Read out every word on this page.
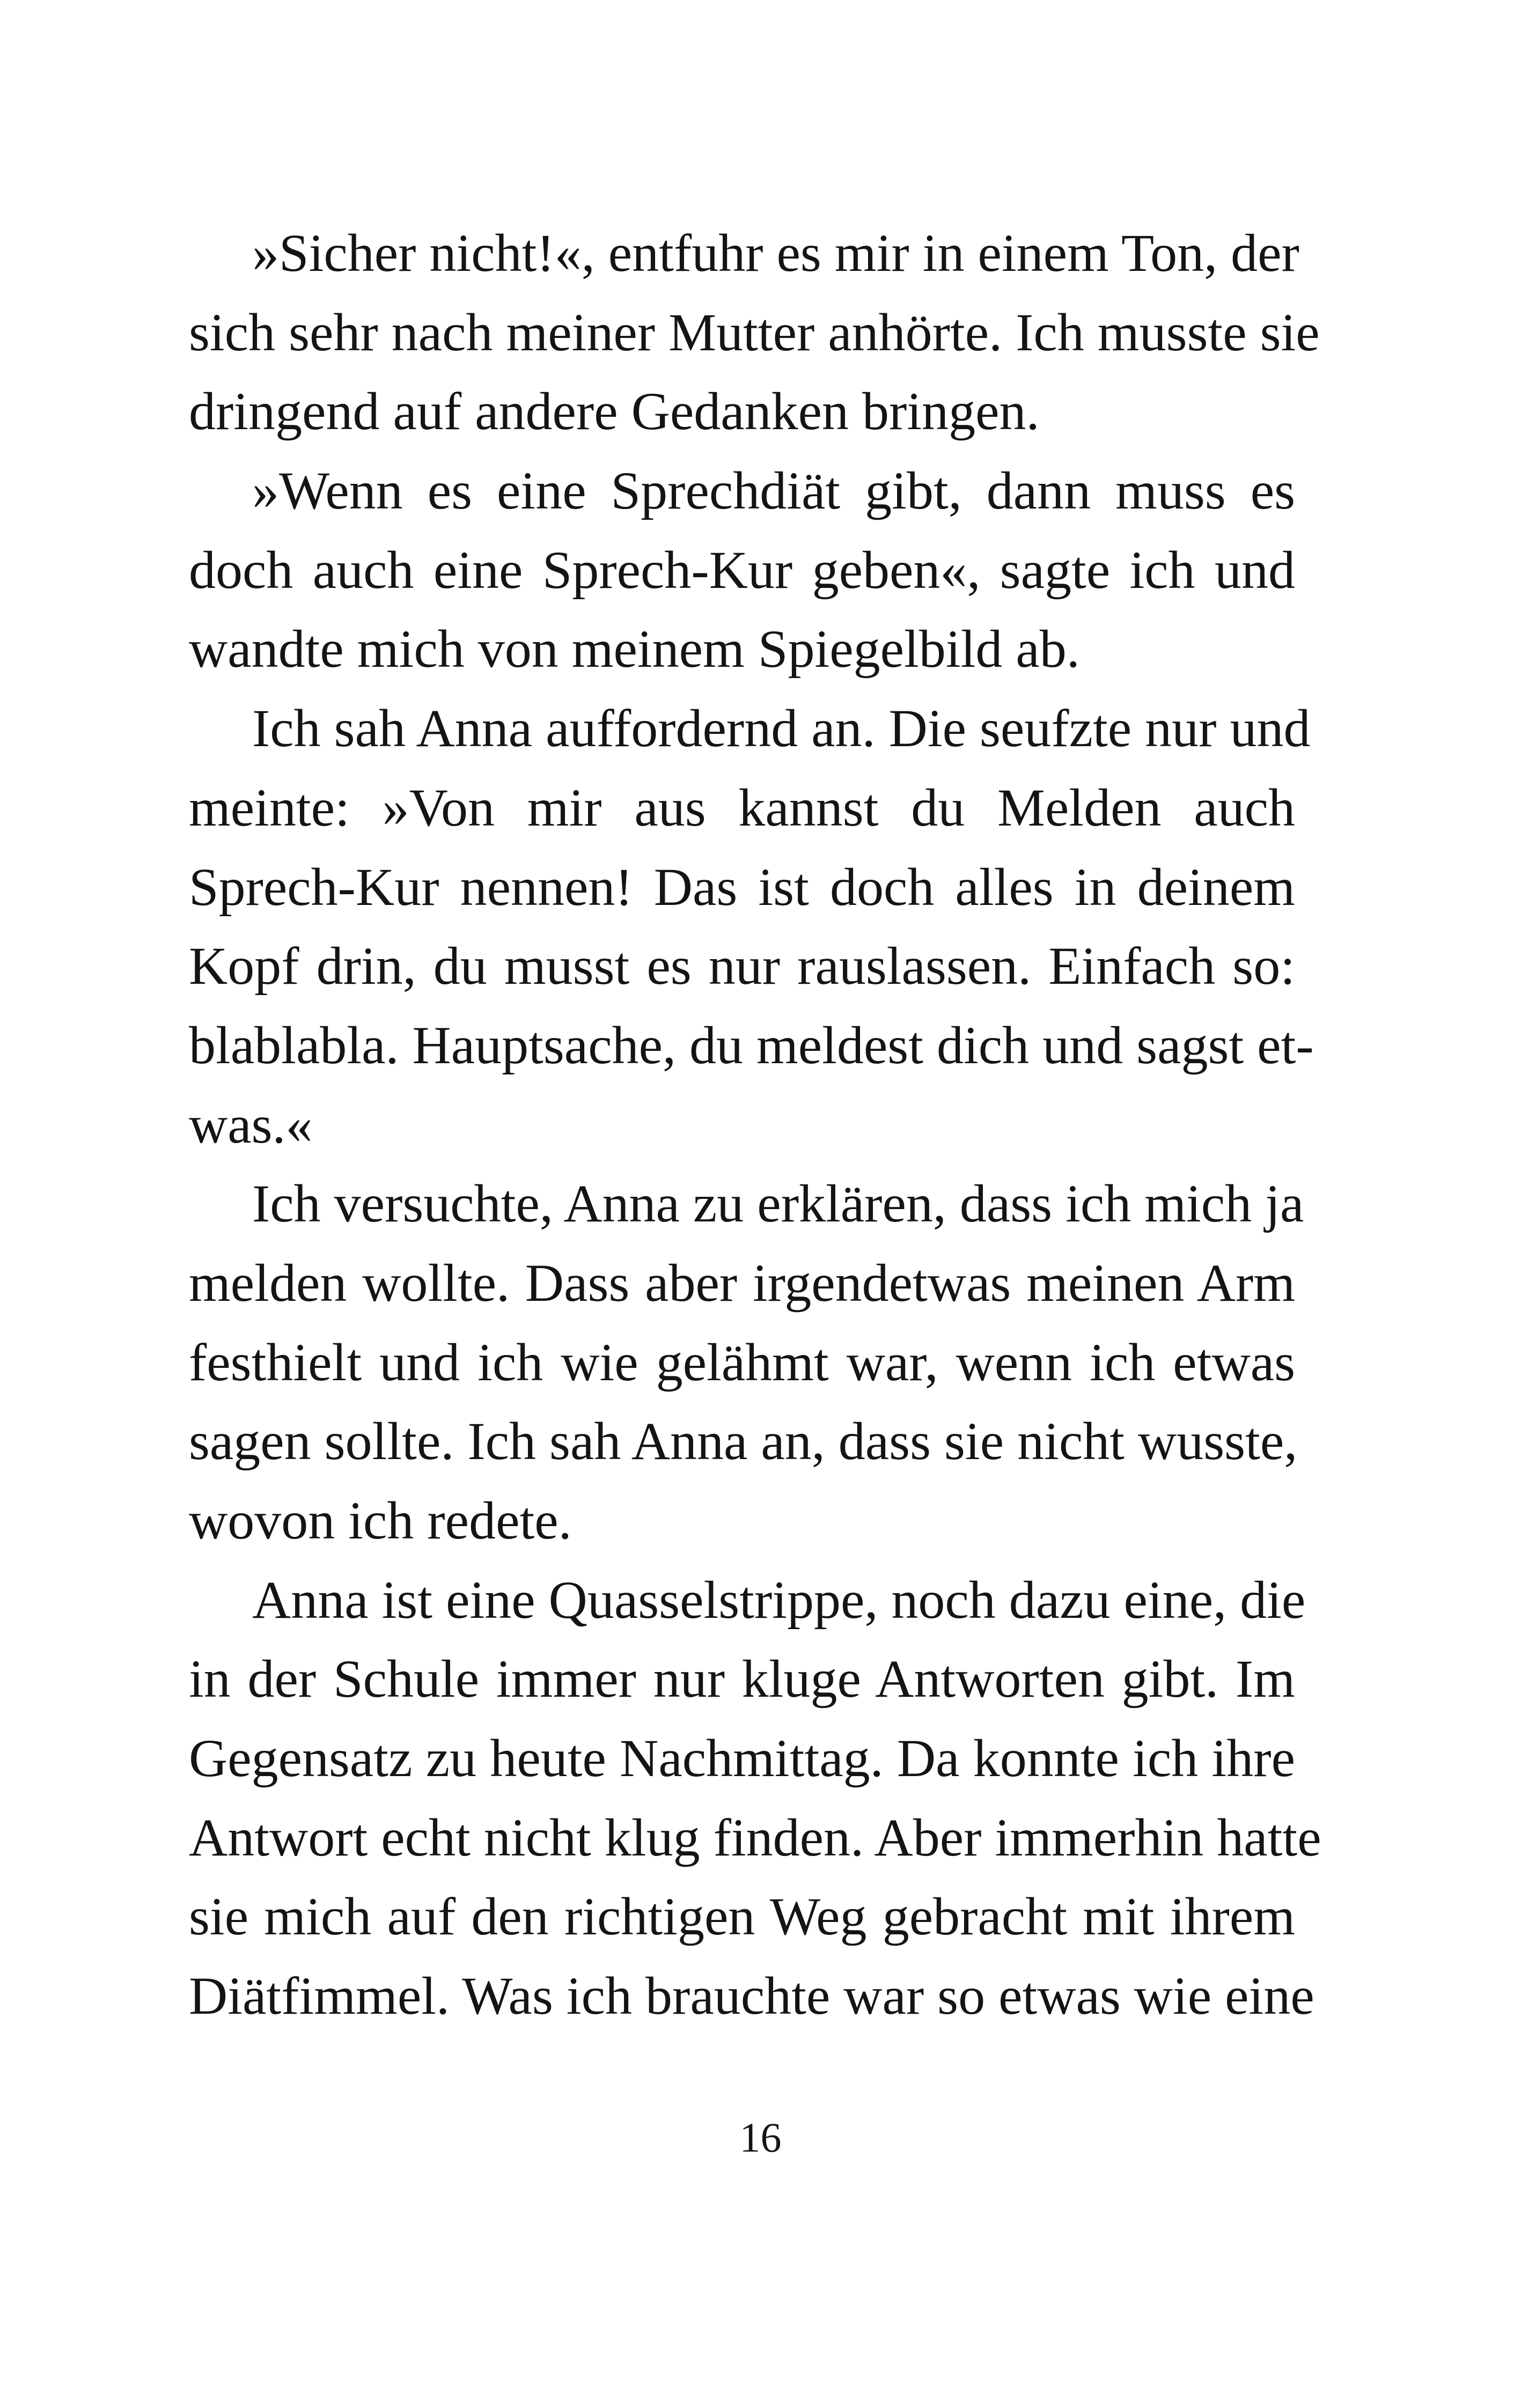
»Sicher nicht!«, entfuhr es mir in einem Ton, der
sich sehr nach meiner Mutter anhörte. Ich musste sie
dringend auf andere Gedanken bringen.
»Wenn es eine Sprechdiät gibt, dann muss es
doch auch eine Sprech-Kur geben«, sagte ich und
wandte mich von meinem Spiegelbild ab.
Ich sah Anna auffordernd an. Die seufzte nur und
meinte: »Von mir aus kannst du Melden auch
Sprech-Kur nennen! Das ist doch alles in deinem
Kopf drin, du musst es nur rauslassen. Einfach so:
blablabla. Hauptsache, du meldest dich und sagst et-
was.«
Ich versuchte, Anna zu erklären, dass ich mich ja
melden wollte. Dass aber irgendetwas meinen Arm
festhielt und ich wie gelähmt war, wenn ich etwas
sagen sollte. Ich sah Anna an, dass sie nicht wusste,
wovon ich redete.
Anna ist eine Quasselstrippe, noch dazu eine, die
in der Schule immer nur kluge Antworten gibt. Im
Gegensatz zu heute Nachmittag. Da konnte ich ihre
Antwort echt nicht klug finden. Aber immerhin hatte
sie mich auf den richtigen Weg gebracht mit ihrem
Diätfimmel. Was ich brauchte war so etwas wie eine
16
